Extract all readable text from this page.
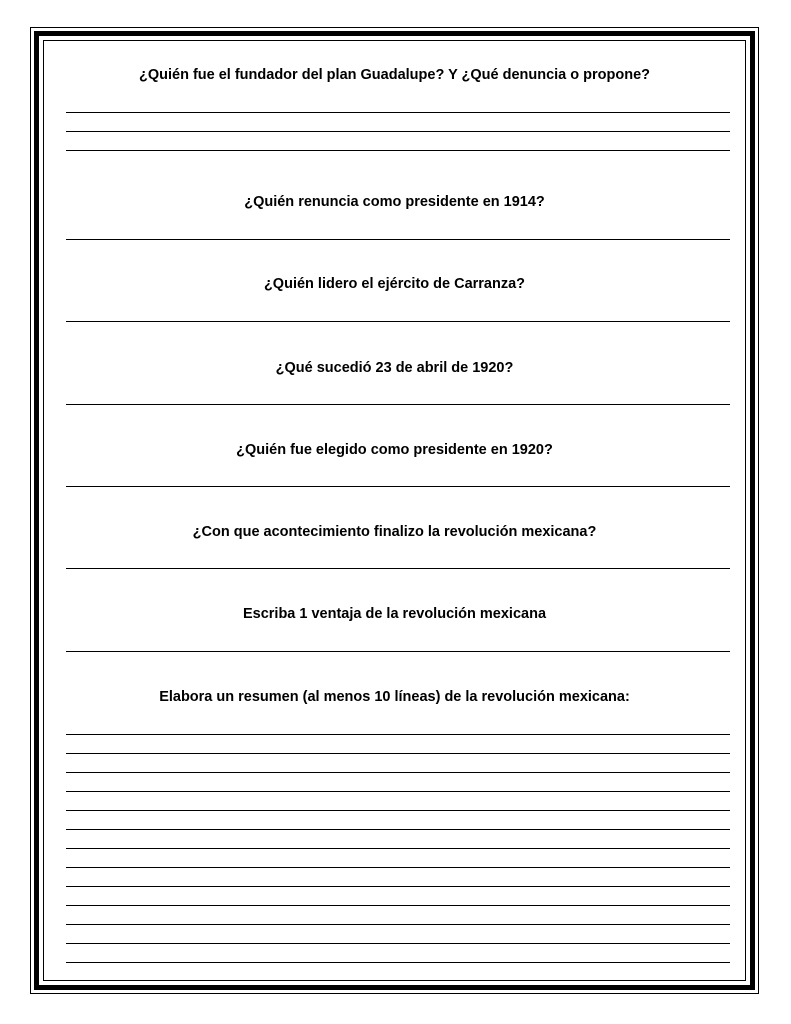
¿Quién fue el fundador del plan Guadalupe? Y ¿Qué denuncia o propone?
¿Quién renuncia como presidente en 1914?
¿Quién lidero el ejército de Carranza?
¿Qué sucedió 23 de abril de 1920?
¿Quién fue elegido como presidente en 1920?
¿Con que acontecimiento finalizo la revolución mexicana?
Escriba 1 ventaja de la revolución mexicana
Elabora un resumen (al menos 10 líneas) de la revolución mexicana:
